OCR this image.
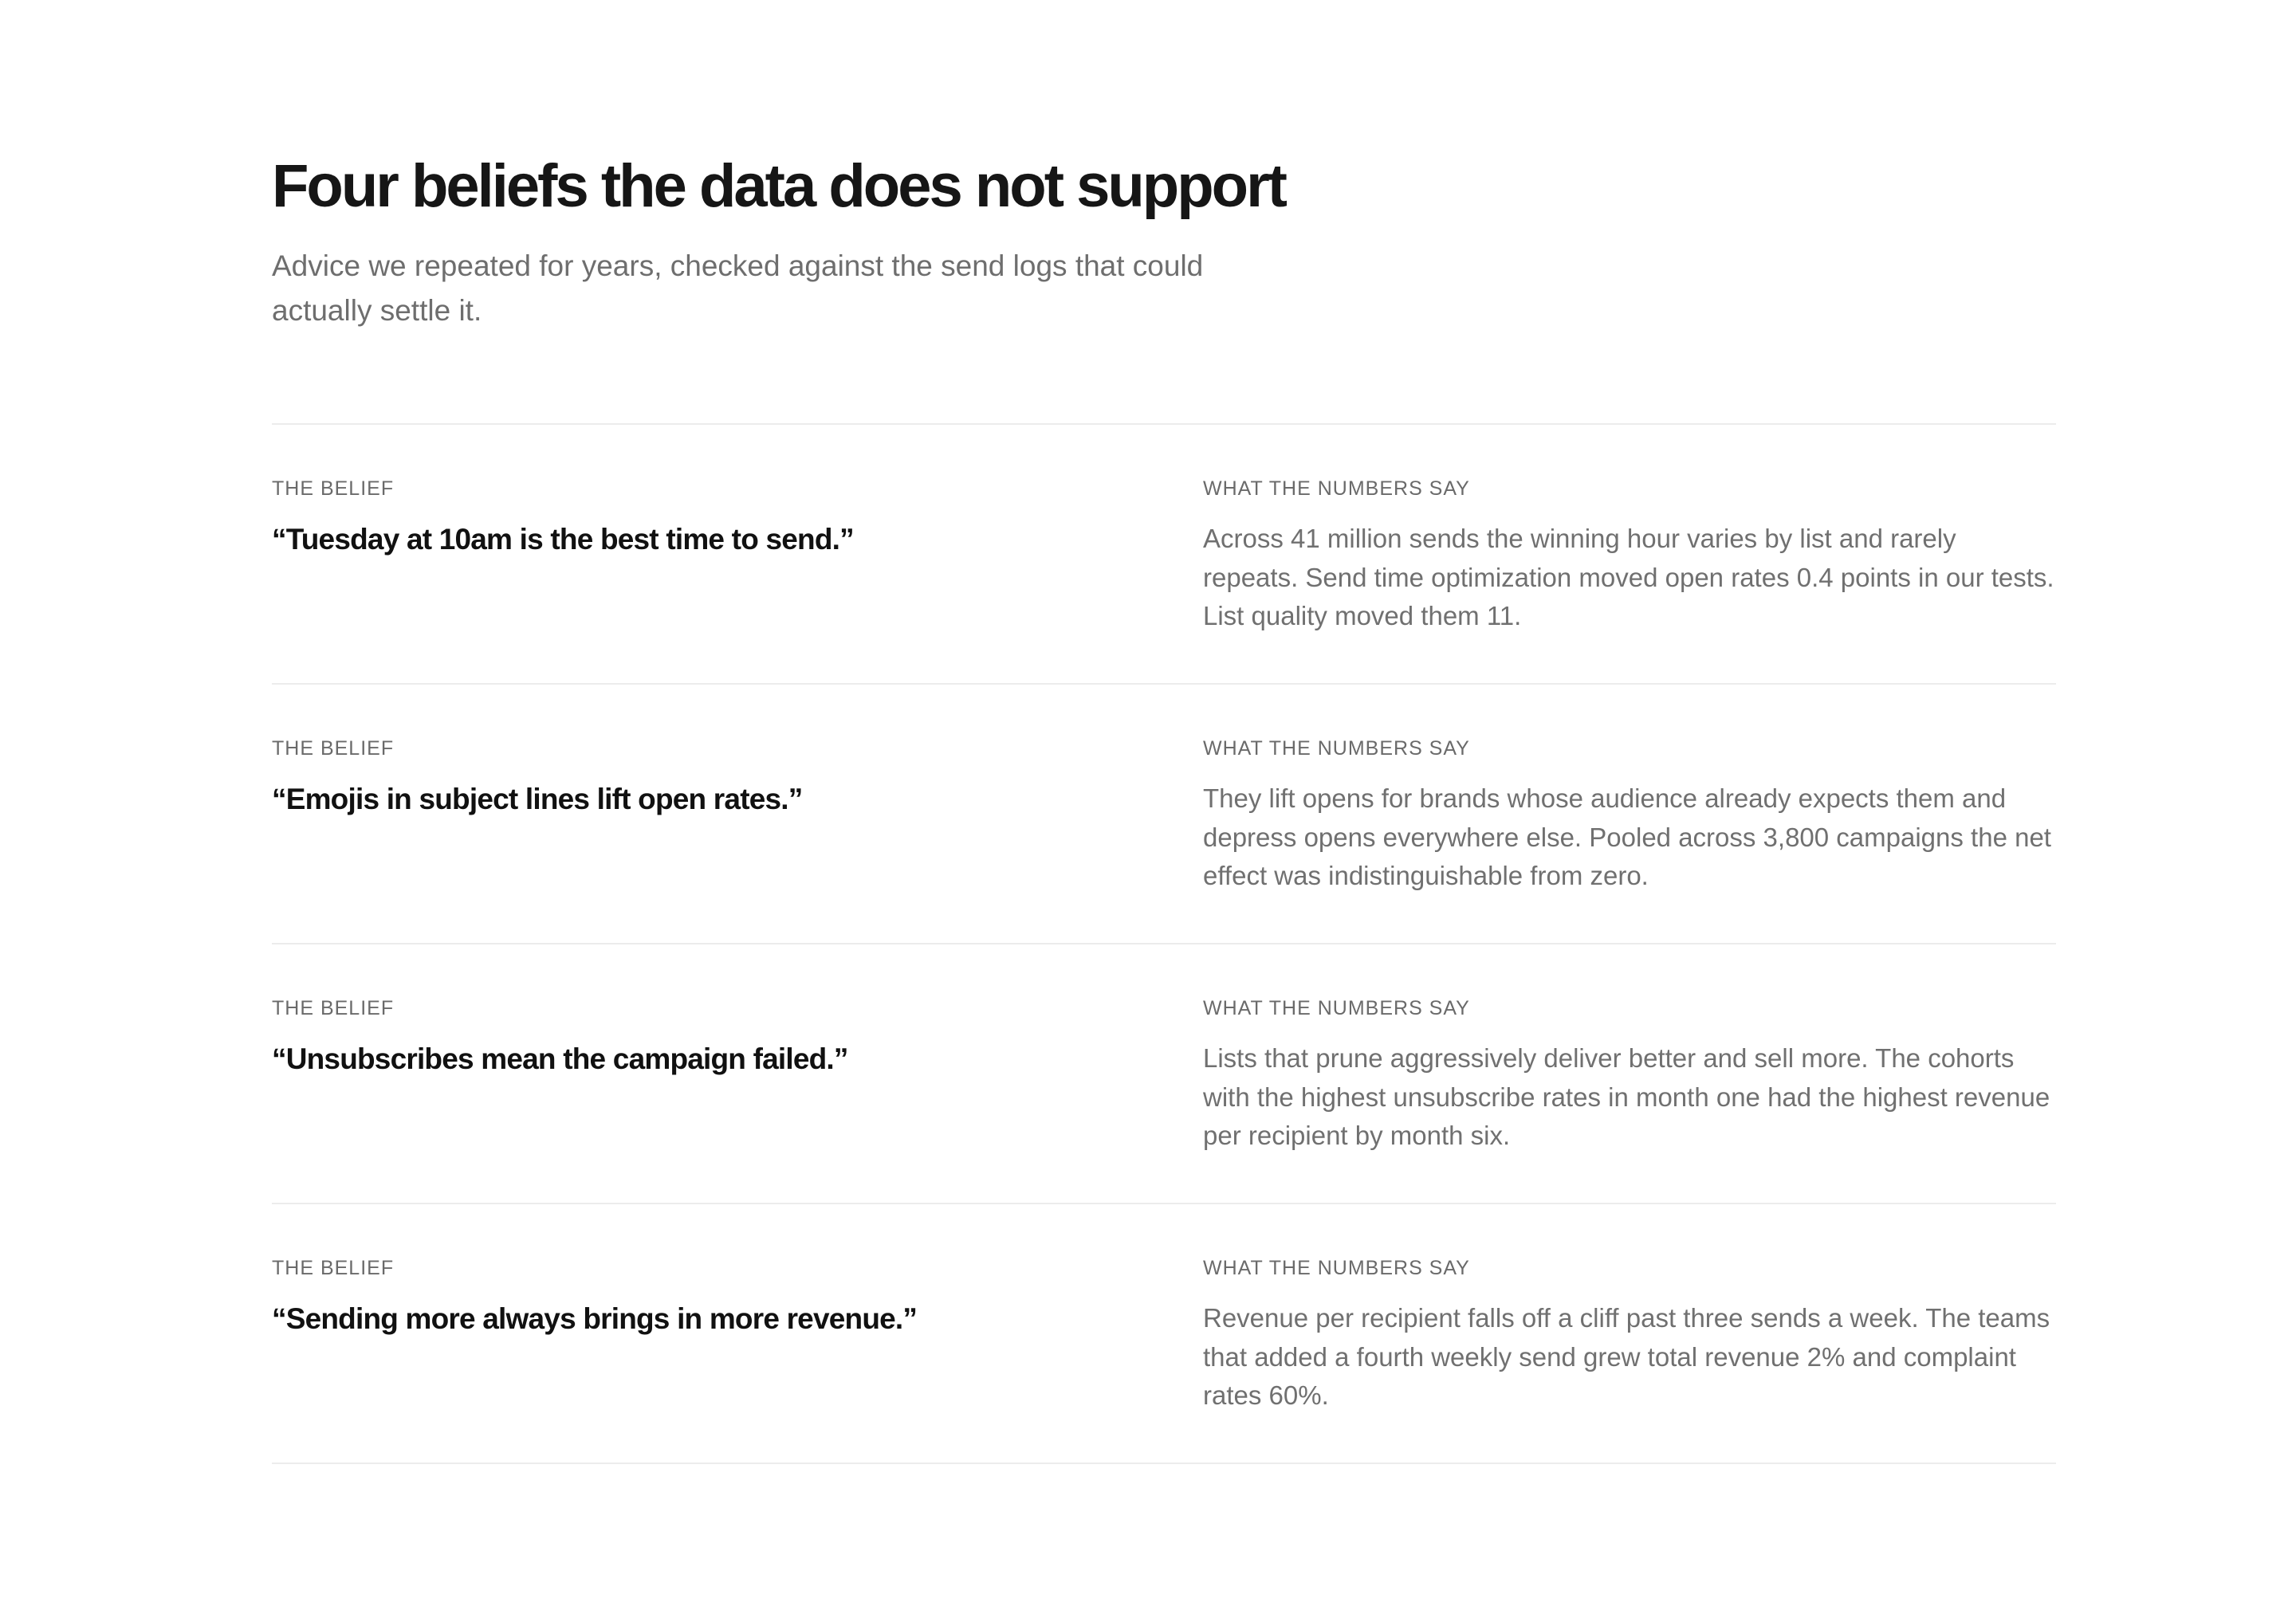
Four beliefs the data does not support

Advice we repeated for years, checked against the send logs that could actually settle it.

THE BELIEF
“Tuesday at 10am is the best time to send.”
WHAT THE NUMBERS SAY
Across 41 million sends the winning hour varies by list and rarely repeats. Send time optimization moved open rates 0.4 points in our tests. List quality moved them 11.
THE BELIEF
“Emojis in subject lines lift open rates.”
WHAT THE NUMBERS SAY
They lift opens for brands whose audience already expects them and depress opens everywhere else. Pooled across 3,800 campaigns the net effect was indistinguishable from zero.
THE BELIEF
“Unsubscribes mean the campaign failed.”
WHAT THE NUMBERS SAY
Lists that prune aggressively deliver better and sell more. The cohorts with the highest unsubscribe rates in month one had the highest revenue per recipient by month six.
THE BELIEF
“Sending more always brings in more revenue.”
WHAT THE NUMBERS SAY
Revenue per recipient falls off a cliff past three sends a week. The teams that added a fourth weekly send grew total revenue 2% and complaint rates 60%.
